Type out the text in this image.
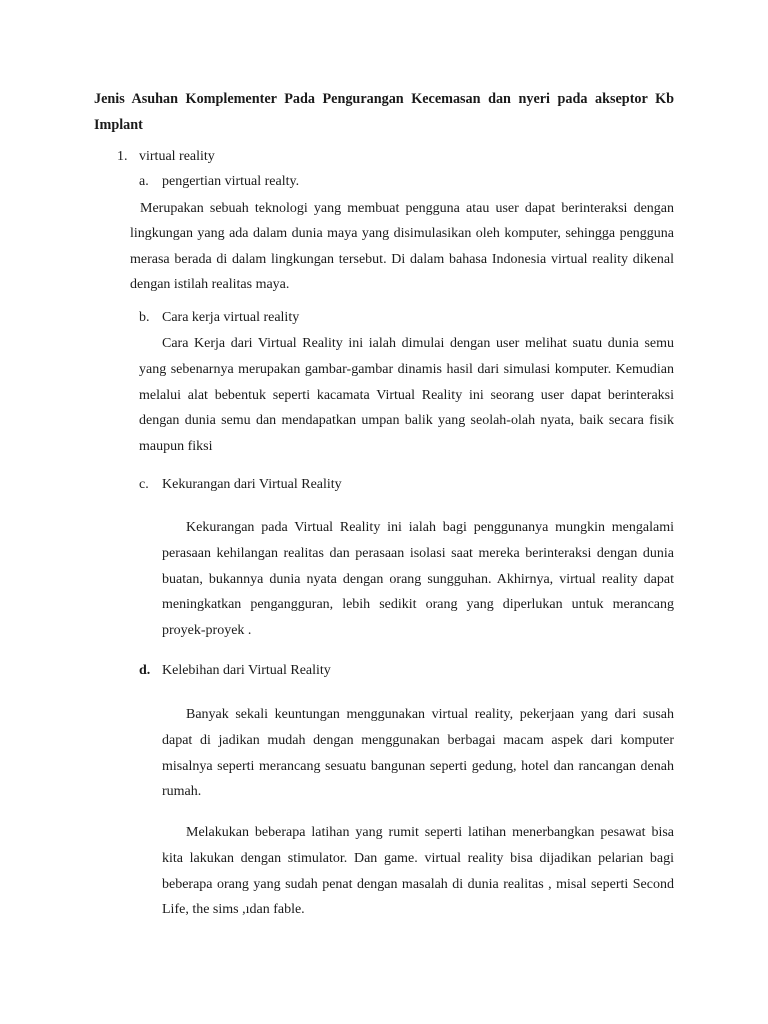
Jenis Asuhan Komplementer Pada Pengurangan Kecemasan dan nyeri pada akseptor Kb Implant
1. virtual reality
a. pengertian virtual realty.
Merupakan sebuah teknologi yang membuat pengguna atau user dapat berinteraksi dengan lingkungan yang ada dalam dunia maya yang disimulasikan oleh komputer, sehingga pengguna merasa berada di dalam lingkungan tersebut. Di dalam bahasa Indonesia virtual reality dikenal dengan istilah realitas maya.
b. Cara kerja virtual reality
Cara Kerja dari Virtual Reality ini ialah dimulai dengan user melihat suatu dunia semu yang sebenarnya merupakan gambar-gambar dinamis hasil dari simulasi komputer. Kemudian melalui alat bebentuk seperti kacamata Virtual Reality ini seorang user dapat berinteraksi dengan dunia semu dan mendapatkan umpan balik yang seolah-olah nyata, baik secara fisik maupun fiksi
c. Kekurangan dari Virtual Reality
Kekurangan pada Virtual Reality ini ialah bagi penggunanya mungkin mengalami perasaan kehilangan realitas dan perasaan isolasi saat mereka berinteraksi dengan dunia buatan, bukannya dunia nyata dengan orang sungguhan. Akhirnya, virtual reality dapat meningkatkan pengangguran, lebih sedikit orang yang diperlukan untuk merancang proyek-proyek .
d. Kelebihan dari Virtual Reality
Banyak sekali keuntungan menggunakan virtual reality, pekerjaan yang dari susah dapat di jadikan mudah dengan menggunakan berbagai macam aspek dari komputer misalnya seperti merancang sesuatu bangunan seperti gedung, hotel dan rancangan denah rumah.
Melakukan beberapa latihan yang rumit seperti latihan menerbangkan pesawat bisa kita lakukan dengan stimulator. Dan game. virtual reality bisa dijadikan pelarian bagi beberapa orang yang sudah penat dengan masalah di dunia realitas , misal seperti Second Life, the sims ,ıdan fable.
